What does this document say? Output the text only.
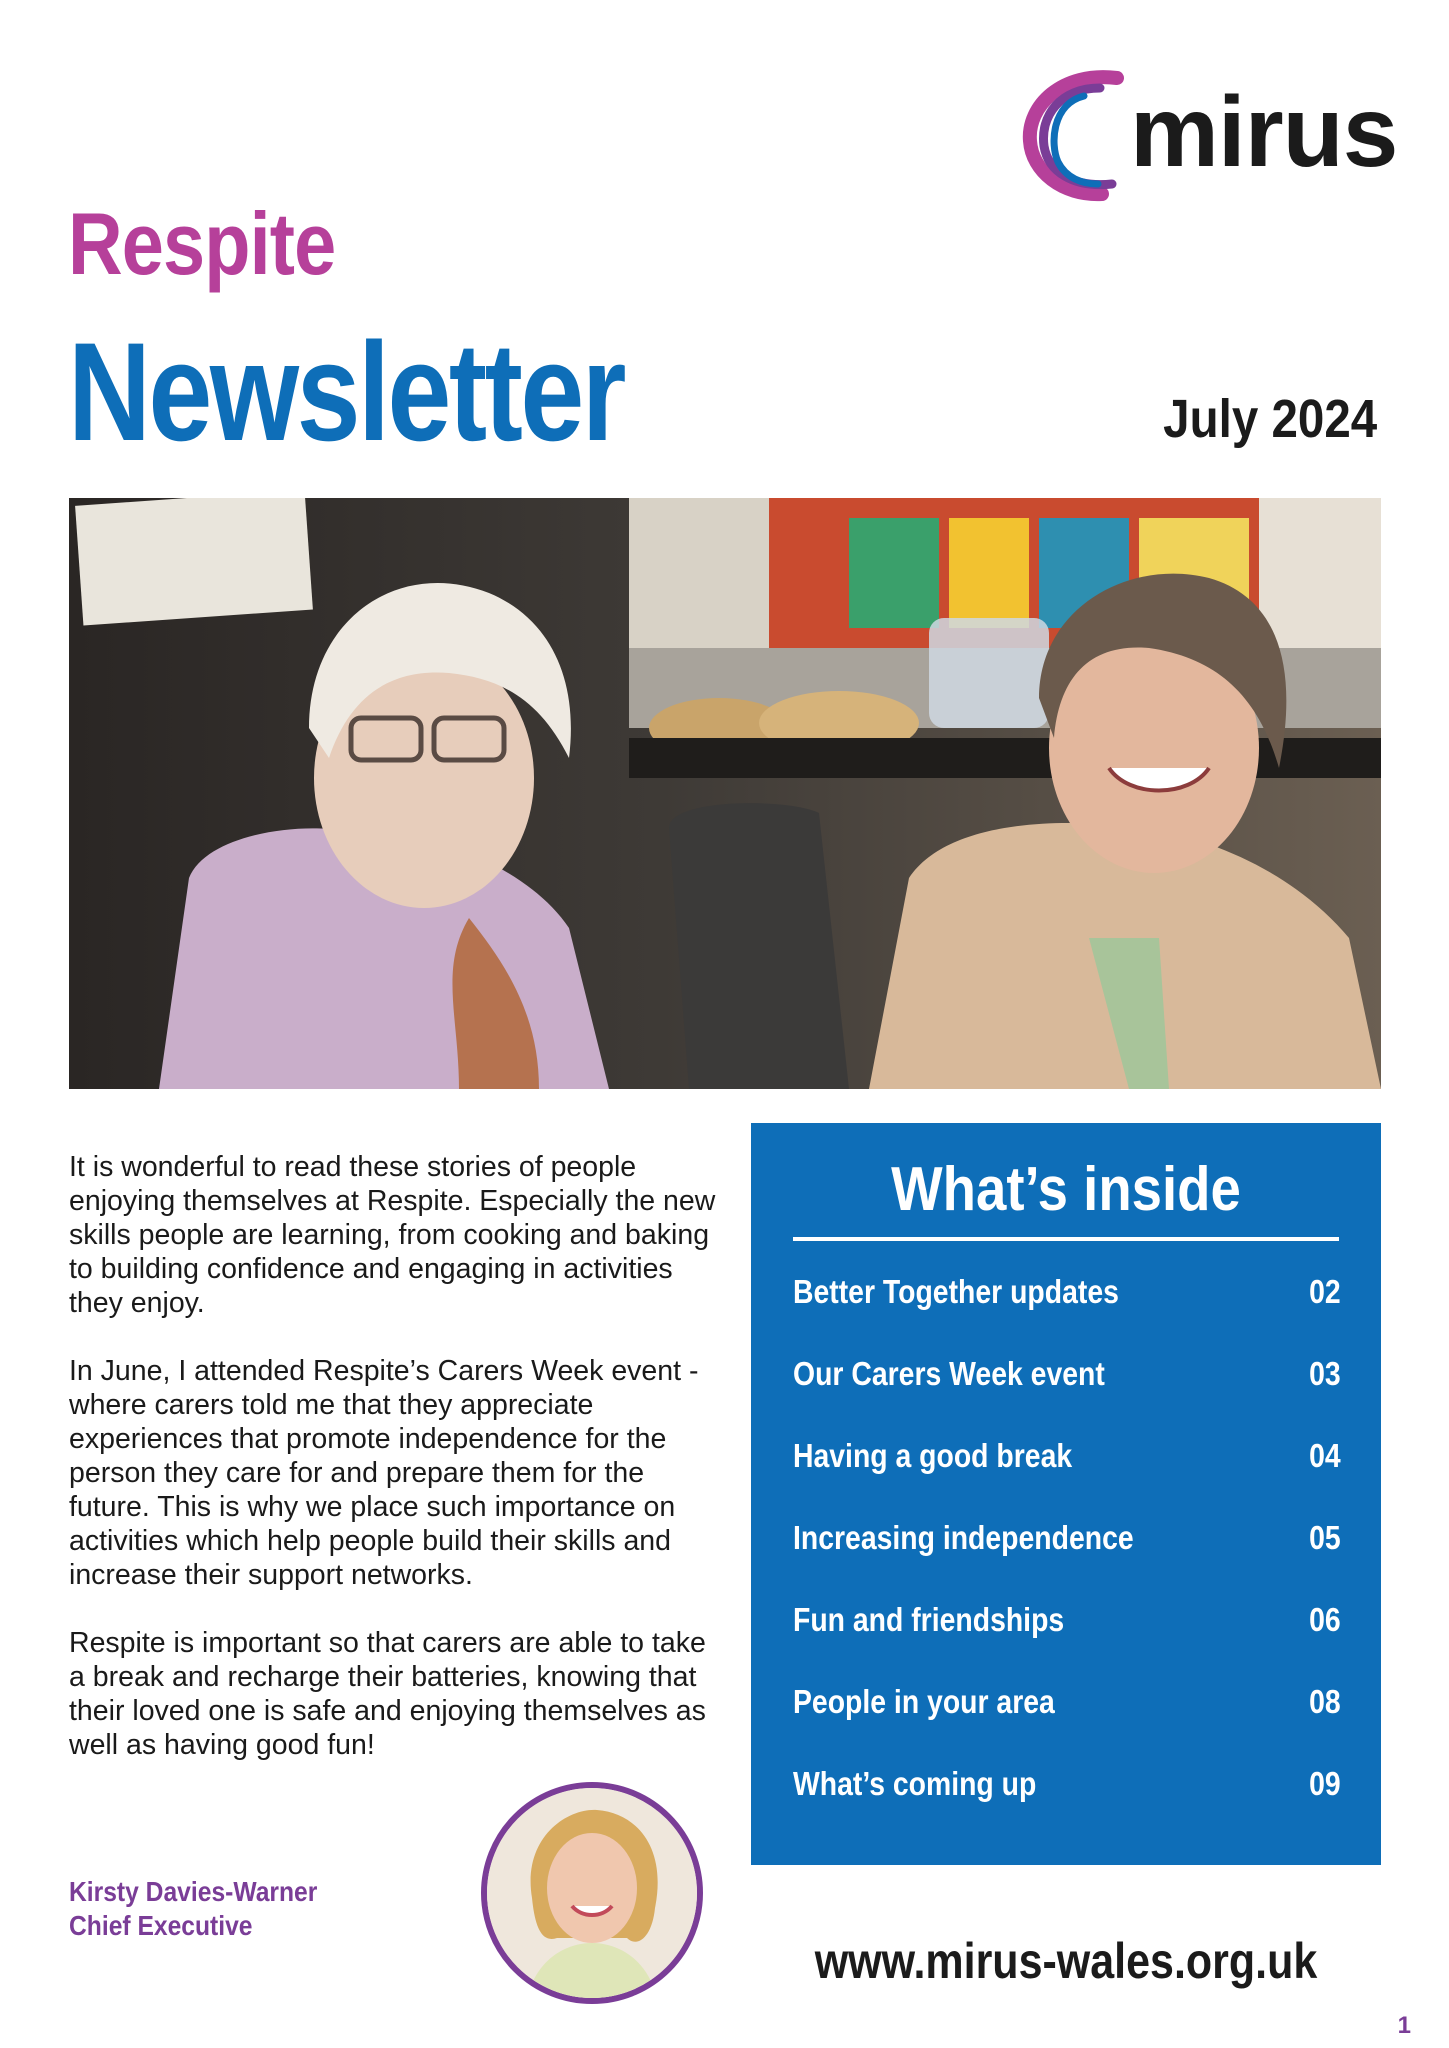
mirus
Respite
Newsletter	July 2024

It is wonderful to read these stories of people enjoying themselves at Respite. Especially the new skills people are learning, from cooking and baking to building confidence and engaging in activities they enjoy.

In June, I attended Respite’s Carers Week event - where carers told me that they appreciate experiences that promote independence for the person they care for and prepare them for the future. This is why we place such importance on activities which help people build their skills and increase their support networks.

Respite is important so that carers are able to take a break and recharge their batteries, knowing that their loved one is safe and enjoying themselves as well as having good fun!

Kirsty Davies-Warner
Chief Executive
What’s inside
Better Together updates	02
Our Carers Week event	03
Having a good break	04
Increasing independence	05
Fun and friendships	06
People in your area	08
What’s coming up	09
www.mirus-wales.org.uk
1
